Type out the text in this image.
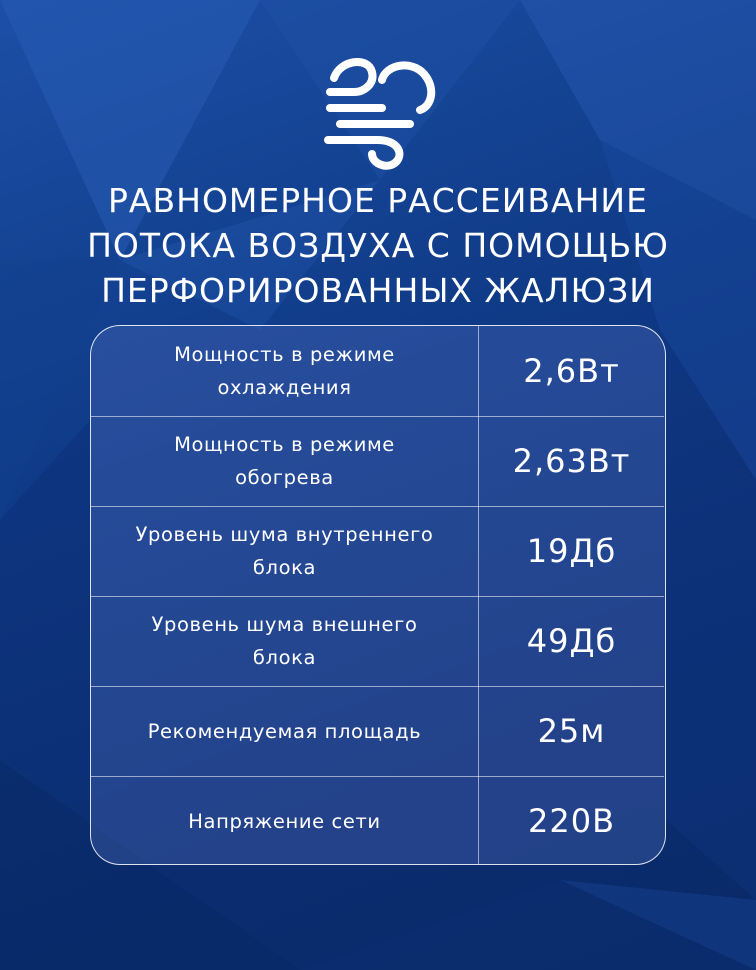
РАВНОМЕРНОЕ РАССЕИВАНИЕ
ПОТОКА ВОЗДУХА С ПОМОЩЬЮ
ПЕРФОРИРОВАННЫХ ЖАЛЮЗИ
Мощность в режиме
охлаждения	2,6Вт
Мощность в режиме
обогрева	2,63Вт
Уровень шума внутреннего
блока	19Дб
Уровень шума внешнего
блока	49Дб
Рекомендуемая площадь	25м
Напряжение сети	220В
